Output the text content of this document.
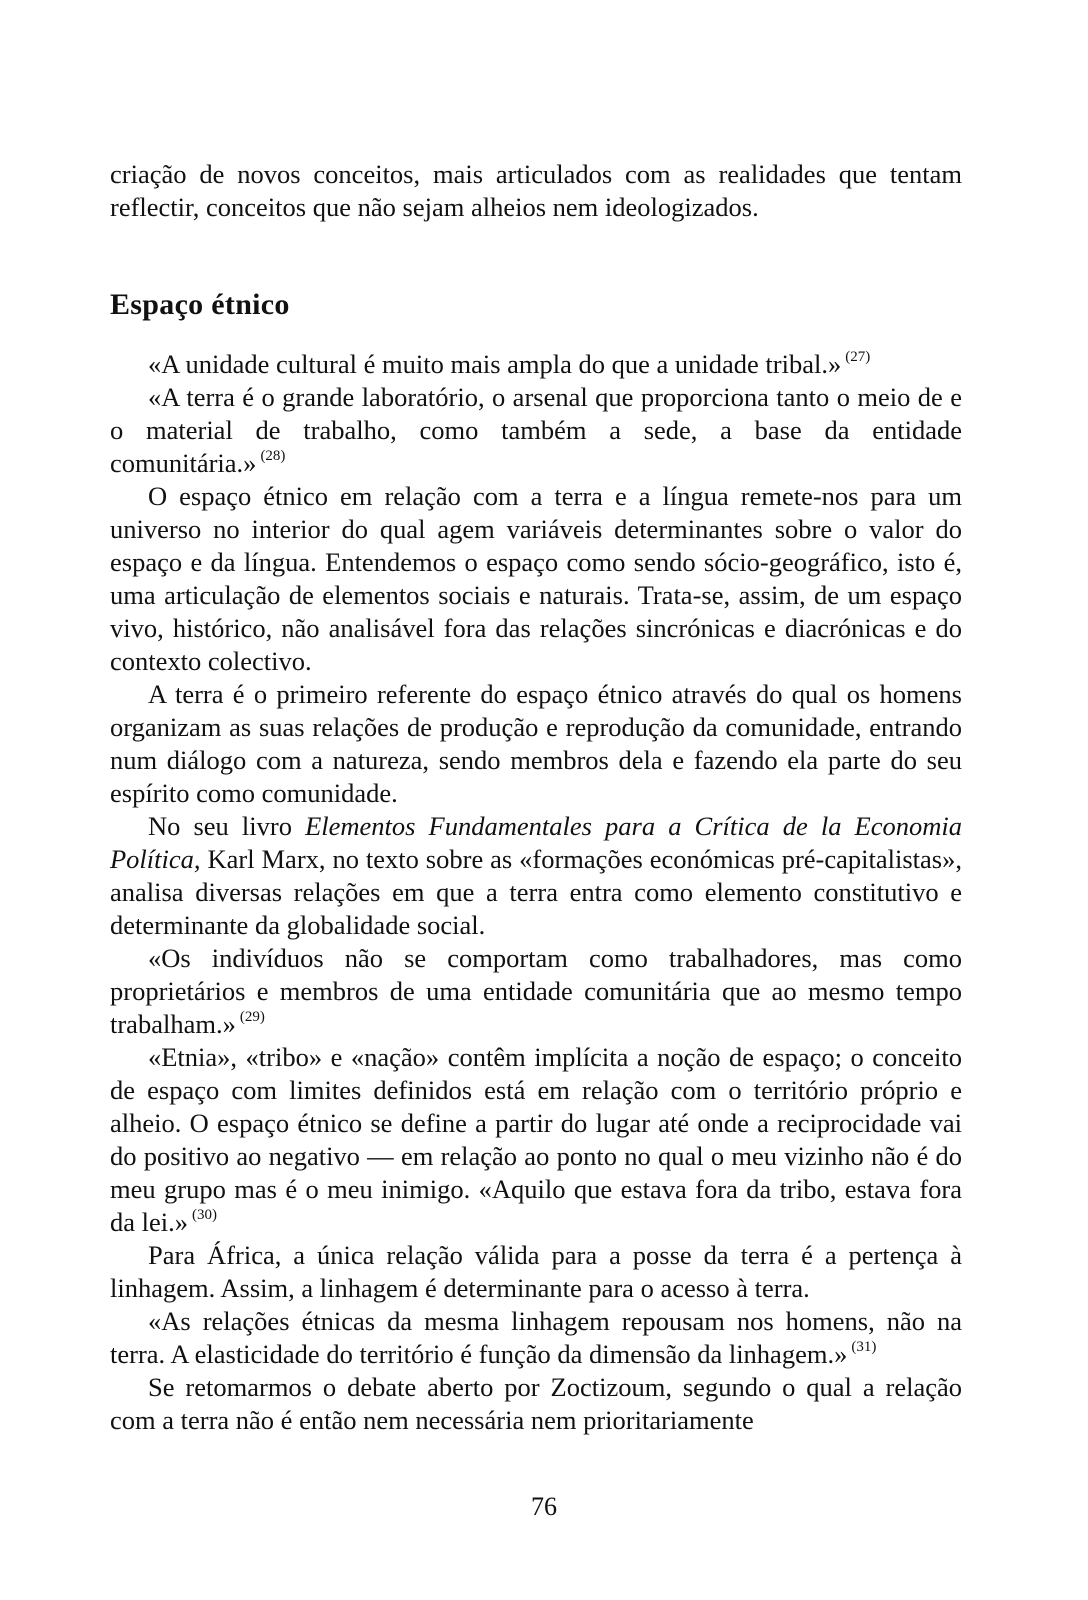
criação de novos conceitos, mais articulados com as realidades que tentam reflectir, conceitos que não sejam alheios nem ideologizados.

Espaço étnico

«A unidade cultural é muito mais ampla do que a unidade tribal.» $^{(27)}$

«A terra é o grande laboratório, o arsenal que proporciona tanto o meio de e o material de trabalho, como também a sede, a base da entidade comunitária.» $^{(28)}$

O espaço étnico em relação com a terra e a língua remete-nos para um universo no interior do qual agem variáveis determinantes sobre o valor do espaço e da língua. Entendemos o espaço como sendo sócio-geográfico, isto é, uma articulação de elementos sociais e naturais. Trata-se, assim, de um espaço vivo, histórico, não analisável fora das relações sincrónicas e diacrónicas e do contexto colectivo.

A terra é o primeiro referente do espaço étnico através do qual os homens organizam as suas relações de produção e reprodução da comunidade, entrando num diálogo com a natureza, sendo membros dela e fazendo ela parte do seu espírito como comunidade.

No seu livro Elementos Fundamentales para a Crítica de la Economia Política, Karl Marx, no texto sobre as «formações económicas pré-⁠capitalistas», analisa diversas relações em que a terra entra como elemento constitutivo e determinante da globalidade social.

«Os indivíduos não se comportam como trabalhadores, mas como proprietários e membros de uma entidade comunitária que ao mesmo tempo trabalham.» $^{(29)}$

«Etnia», «tribo» e «nação» contêm implícita a noção de espaço; o conceito de espaço com limites definidos está em relação com o território próprio e alheio. O espaço étnico se define a partir do lugar até onde a reciprocidade vai do positivo ao negativo — em relação ao ponto no qual o meu vizinho não é do meu grupo mas é o meu inimigo. «Aquilo que estava fora da tribo, estava fora da lei.» $^{(30)}$

Para África, a única relação válida para a posse da terra é a pertença à linhagem. Assim, a linhagem é determinante para o acesso à terra.

«As relações étnicas da mesma linhagem repousam nos homens, não na terra. A elasticidade do território é função da dimensão da linhagem.» $^{(31)}$

Se retomarmos o debate aberto por Zoctizoum, segundo o qual a relação com a terra não é então nem necessária nem prioritariamente

76
